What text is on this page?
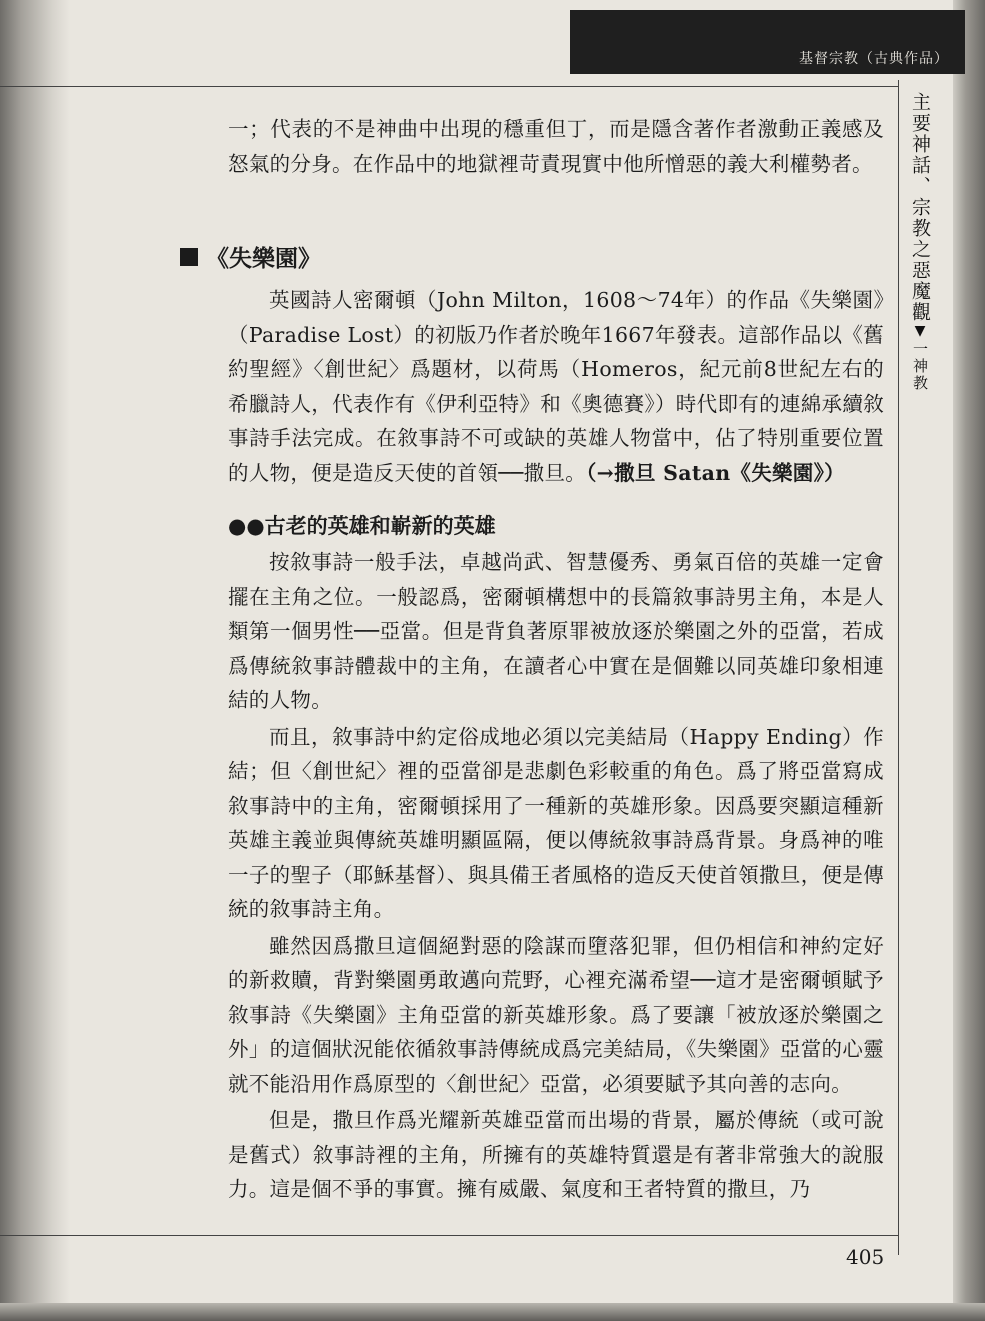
基督宗教（古典作品）
主要神話、宗教之惡魔觀▼一神教

一；代表的不是神曲中出現的穩重但丁，而是隱含著作者激動正義感及怒氣的分身。在作品中的地獄裡苛責現實中他所憎惡的義大利權勢者。

《失樂園》
英國詩人密爾頓（John Milton，1608～74年）的作品《失樂園》（Paradise Lost）的初版乃作者於晚年1667年發表。這部作品以《舊約聖經》〈創世紀〉爲題材，以荷馬（Homeros，紀元前8世紀左右的希臘詩人，代表作有《伊利亞特》和《奧德賽》）時代即有的連綿承續敘事詩手法完成。在敘事詩不可或缺的英雄人物當中，佔了特別重要位置的人物，便是造反天使的首領──撒旦。（→撒旦 Satan《失樂園》）
●●古老的英雄和嶄新的英雄

按敘事詩一般手法，卓越尚武、智慧優秀、勇氣百倍的英雄一定會擺在主角之位。一般認爲，密爾頓構想中的長篇敘事詩男主角，本是人類第一個男性──亞當。但是背負著原罪被放逐於樂園之外的亞當，若成爲傳統敘事詩體裁中的主角，在讀者心中實在是個難以同英雄印象相連結的人物。

而且，敘事詩中約定俗成地必須以完美結局（Happy Ending）作結；但〈創世紀〉裡的亞當卻是悲劇色彩較重的角色。爲了將亞當寫成敘事詩中的主角，密爾頓採用了一種新的英雄形象。因爲要突顯這種新英雄主義並與傳統英雄明顯區隔，便以傳統敘事詩爲背景。身爲神的唯一子的聖子（耶穌基督）、與具備王者風格的造反天使首領撒旦，便是傳統的敘事詩主角。

雖然因爲撒旦這個絕對惡的陰謀而墮落犯罪，但仍相信和神約定好的新救贖，背對樂園勇敢邁向荒野，心裡充滿希望──這才是密爾頓賦予敘事詩《失樂園》主角亞當的新英雄形象。爲了要讓「被放逐於樂園之外」的這個狀況能依循敘事詩傳統成爲完美結局，《失樂園》亞當的心靈就不能沿用作爲原型的〈創世紀〉亞當，必須要賦予其向善的志向。

但是，撒旦作爲光耀新英雄亞當而出場的背景，屬於傳統（或可說是舊式）敘事詩裡的主角，所擁有的英雄特質還是有著非常強大的說服力。這是個不爭的事實。擁有威嚴、氣度和王者特質的撒旦，乃

405
